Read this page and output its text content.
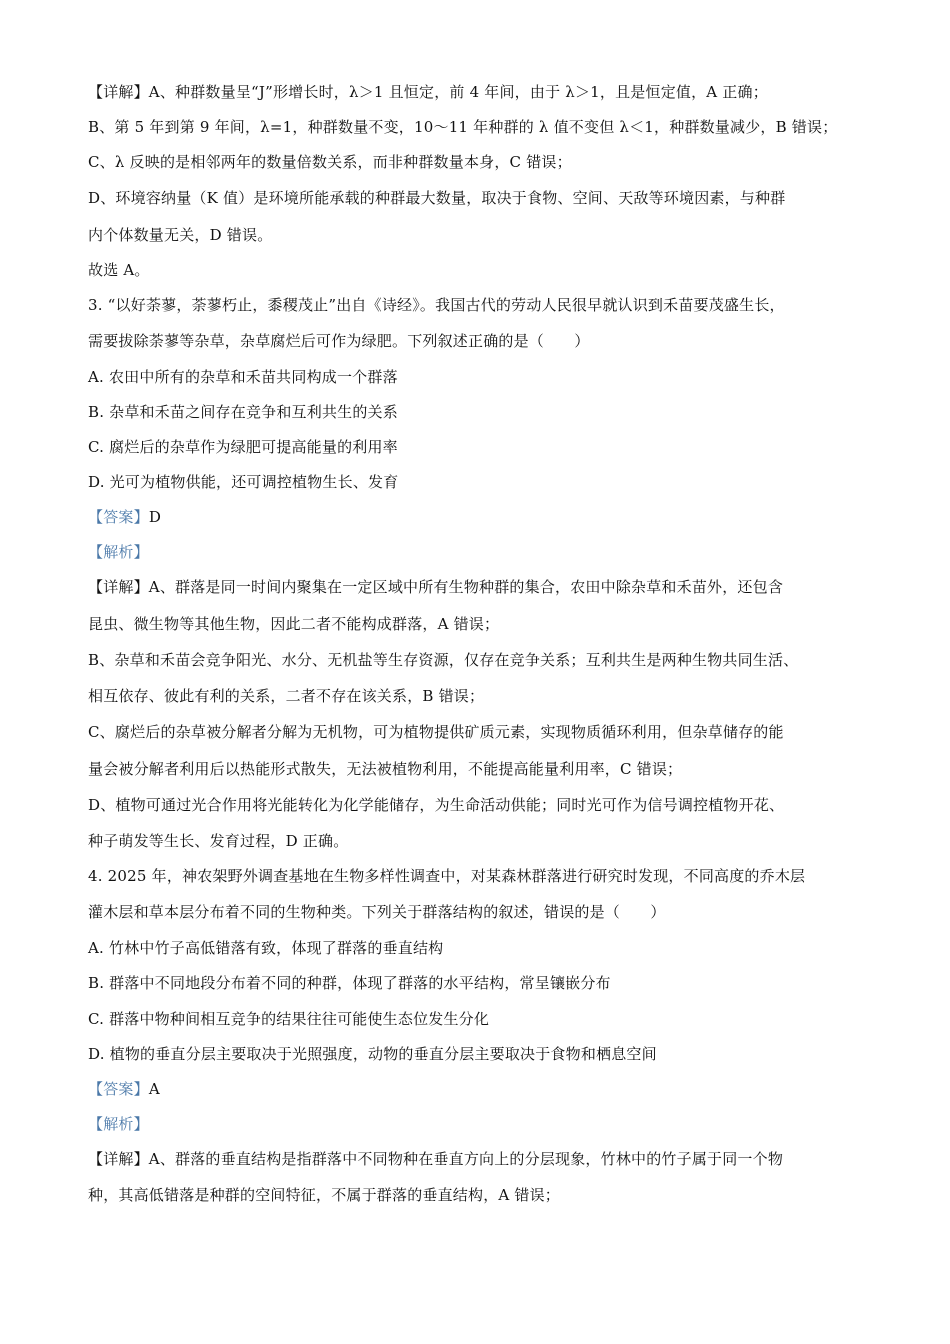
【详解】A、种群数量呈“J”形增长时，λ＞1 且恒定，前 4 年间，由于 λ＞1，且是恒定值，A 正确；
B、第 5 年到第 9 年间，λ=1，种群数量不变，10～11 年种群的 λ 值不变但 λ＜1，种群数量减少，B 错误；
C、λ 反映的是相邻两年的数量倍数关系，而非种群数量本身，C 错误；
D、环境容纳量（K 值）是环境所能承载的种群最大数量，取决于食物、空间、天敌等环境因素，与种群
内个体数量无关，D 错误。
故选 A。
3. “以好荼蓼，荼蓼朽止，黍稷茂止”出自《诗经》。我国古代的劳动人民很早就认识到禾苗要茂盛生长，
需要拔除荼蓼等杂草，杂草腐烂后可作为绿肥。下列叙述正确的是（　　）
A. 农田中所有的杂草和禾苗共同构成一个群落
B. 杂草和禾苗之间存在竞争和互利共生的关系
C. 腐烂后的杂草作为绿肥可提高能量的利用率
D. 光可为植物供能，还可调控植物生长、发育
【答案】D
【解析】
【详解】A、群落是同一时间内聚集在一定区域中所有生物种群的集合，农田中除杂草和禾苗外，还包含
昆虫、微生物等其他生物，因此二者不能构成群落，A 错误；
B、杂草和禾苗会竞争阳光、水分、无机盐等生存资源，仅存在竞争关系；互利共生是两种生物共同生活、
相互依存、彼此有利的关系，二者不存在该关系，B 错误；
C、腐烂后的杂草被分解者分解为无机物，可为植物提供矿质元素，实现物质循环利用，但杂草储存的能
量会被分解者利用后以热能形式散失，无法被植物利用，不能提高能量利用率，C 错误；
D、植物可通过光合作用将光能转化为化学能储存，为生命活动供能；同时光可作为信号调控植物开花、
种子萌发等生长、发育过程，D 正确。
4. 2025 年，神农架野外调查基地在生物多样性调查中，对某森林群落进行研究时发现，不同高度的乔木层
灌木层和草本层分布着不同的生物种类。下列关于群落结构的叙述，错误的是（　　）
A. 竹林中竹子高低错落有致，体现了群落的垂直结构
B. 群落中不同地段分布着不同的种群，体现了群落的水平结构，常呈镶嵌分布
C. 群落中物种间相互竞争的结果往往可能使生态位发生分化
D. 植物的垂直分层主要取决于光照强度，动物的垂直分层主要取决于食物和栖息空间
【答案】A
【解析】
【详解】A、群落的垂直结构是指群落中不同物种在垂直方向上的分层现象，竹林中的竹子属于同一个物
种，其高低错落是种群的空间特征，不属于群落的垂直结构，A 错误；
